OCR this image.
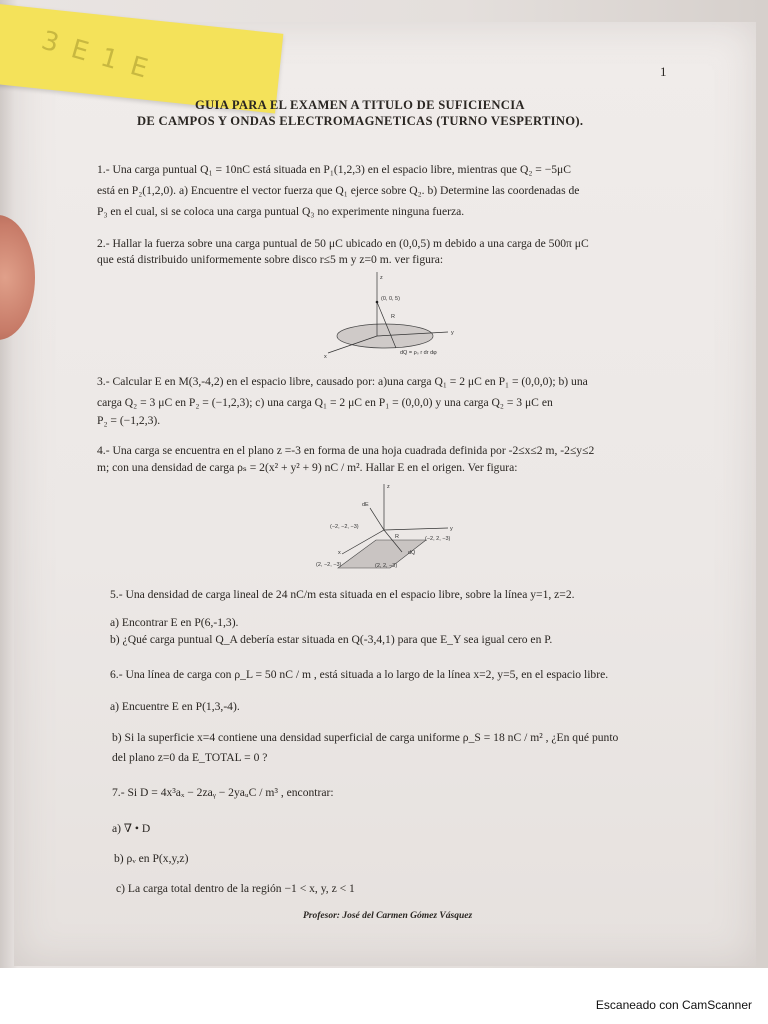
3 E 1 E	1
GUIA PARA EL EXAMEN A TITULO DE SUFICIENCIA
DE CAMPOS Y ONDAS ELECTROMAGNETICAS (TURNO VESPERTINO).
1.- Una carga puntual Q₁ = 10nC está situada en P₁(1,2,3) en el espacio libre, mientras que Q₂ = −5μC
está en P₂(1,2,0). a) Encuentre el vector fuerza que Q₁ ejerce sobre Q₂. b) Determine las coordenadas de
P₃ en el cual, si se coloca una carga puntual Q₃ no experimente ninguna fuerza.
2.- Hallar la fuerza sobre una carga puntual de 50 μC ubicado en (0,0,5) m debido a una carga de 500π μC
que está distribuido uniformemente sobre disco r≤5 m y z=0 m. ver figura:
z
y
x
(0, 0, 5)
R
dQ = ρₛ r dr dφ
3.- Calcular E en M(3,-4,2) en el espacio libre, causado por: a)una carga Q₁ = 2 μC en P₁ = (0,0,0); b) una
carga Q₂ = 3 μC en P₂ = (−1,2,3); c) una carga Q₁ = 2 μC en P₁ = (0,0,0) y una carga Q₂ = 3 μC en
P₂ = (−1,2,3).
4.- Una carga se encuentra en el plano z =-3 en forma de una hoja cuadrada definida por -2≤x≤2 m, -2≤y≤2
m; con una densidad de carga ρₛ = 2(x² + y² + 9) nC / m². Hallar E en el origen. Ver figura:
z
y
x
dE
(−2, −2, −3)
(−2, 2, −3)
(2, −2, −3)	(2, 2, −3)
R
dQ
5.- Una densidad de carga lineal de 24 nC/m esta situada en el espacio libre, sobre la línea y=1, z=2.
a) Encontrar E en P(6,-1,3).
b) ¿Qué carga puntual Q_A debería estar situada en Q(-3,4,1) para que E_Y sea igual cero en P.
6.- Una línea de carga con ρ_L = 50 nC / m , está situada a lo largo de la línea x=2, y=5, en el espacio libre.
a) Encuentre E en P(1,3,-4).
b) Si la superficie x=4 contiene una densidad superficial de carga uniforme ρ_S = 18 nC / m² , ¿En qué punto
del plano z=0 da E_TOTAL = 0 ?
7.- Si D = 4x³aₓ − 2zaᵧ − 2yaᵤC / m³ , encontrar:
a) ∇ • D
b) ρᵥ en P(x,y,z)
c) La carga total dentro de la región −1 < x, y, z < 1
Profesor: José del Carmen Gómez Vásquez
Escaneado con CamScanner
